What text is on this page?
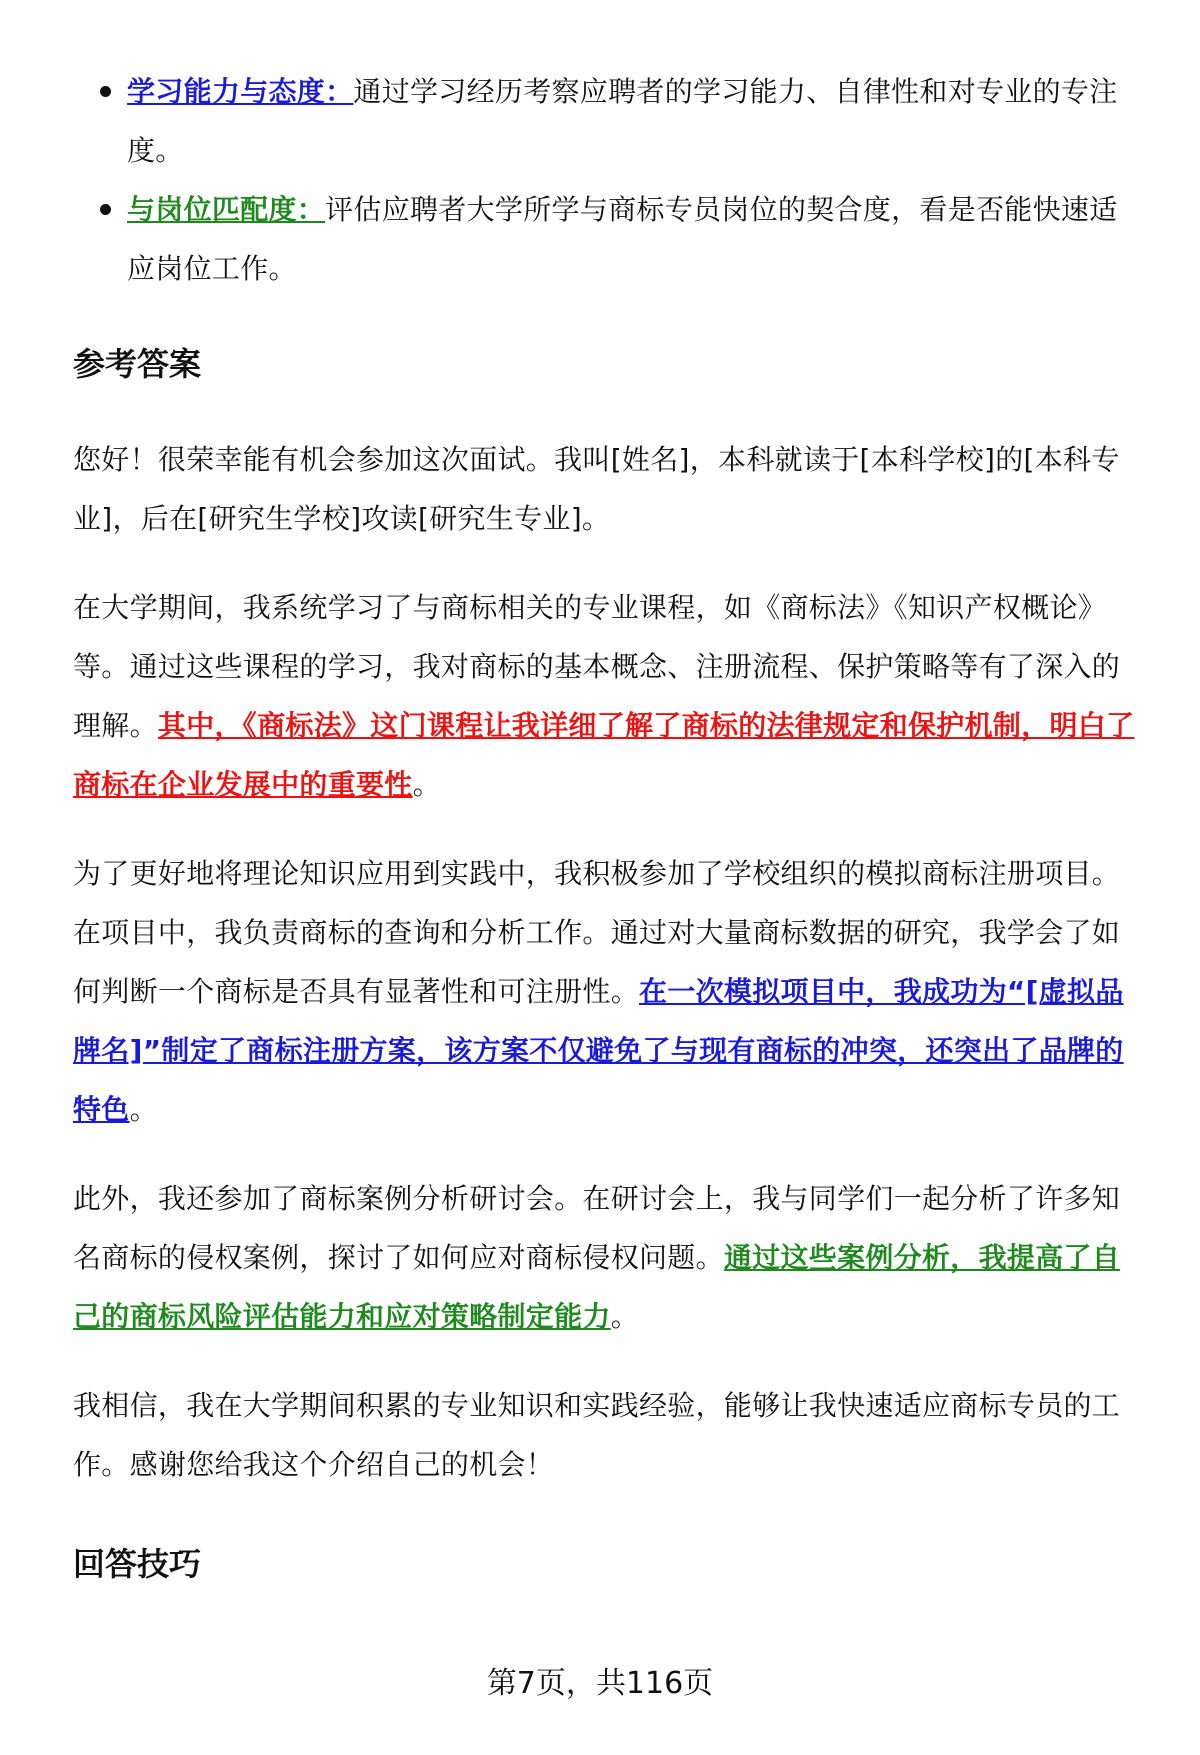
学习能力与态度：通过学习经历考察应聘者的学习能力、自律性和对专业的专注度。
与岗位匹配度：评估应聘者大学所学与商标专员岗位的契合度，看是否能快速适应岗位工作。
参考答案

您好！很荣幸能有机会参加这次面试。我叫[姓名]，本科就读于[本科学校]的[本科专业]，后在[研究生学校]攻读[研究生专业]。

在大学期间，我系统学习了与商标相关的专业课程，如《商标法》《知识产权概论》等。通过这些课程的学习，我对商标的基本概念、注册流程、保护策略等有了深入的理解。其中，《商标法》这门课程让我详细了解了商标的法律规定和保护机制，明白了商标在企业发展中的重要性。

为了更好地将理论知识应用到实践中，我积极参加了学校组织的模拟商标注册项目。在项目中，我负责商标的查询和分析工作。通过对大量商标数据的研究，我学会了如何判断一个商标是否具有显著性和可注册性。在一次模拟项目中，我成功为“[虚拟品牌名]”制定了商标注册方案，该方案不仅避免了与现有商标的冲突，还突出了品牌的特色。

此外，我还参加了商标案例分析研讨会。在研讨会上，我与同学们一起分析了许多知名商标的侵权案例，探讨了如何应对商标侵权问题。通过这些案例分析，我提高了自己的商标风险评估能力和应对策略制定能力。

我相信，我在大学期间积累的专业知识和实践经验，能够让我快速适应商标专员的工作。感谢您给我这个介绍自己的机会！

回答技巧
第7页，共116页
